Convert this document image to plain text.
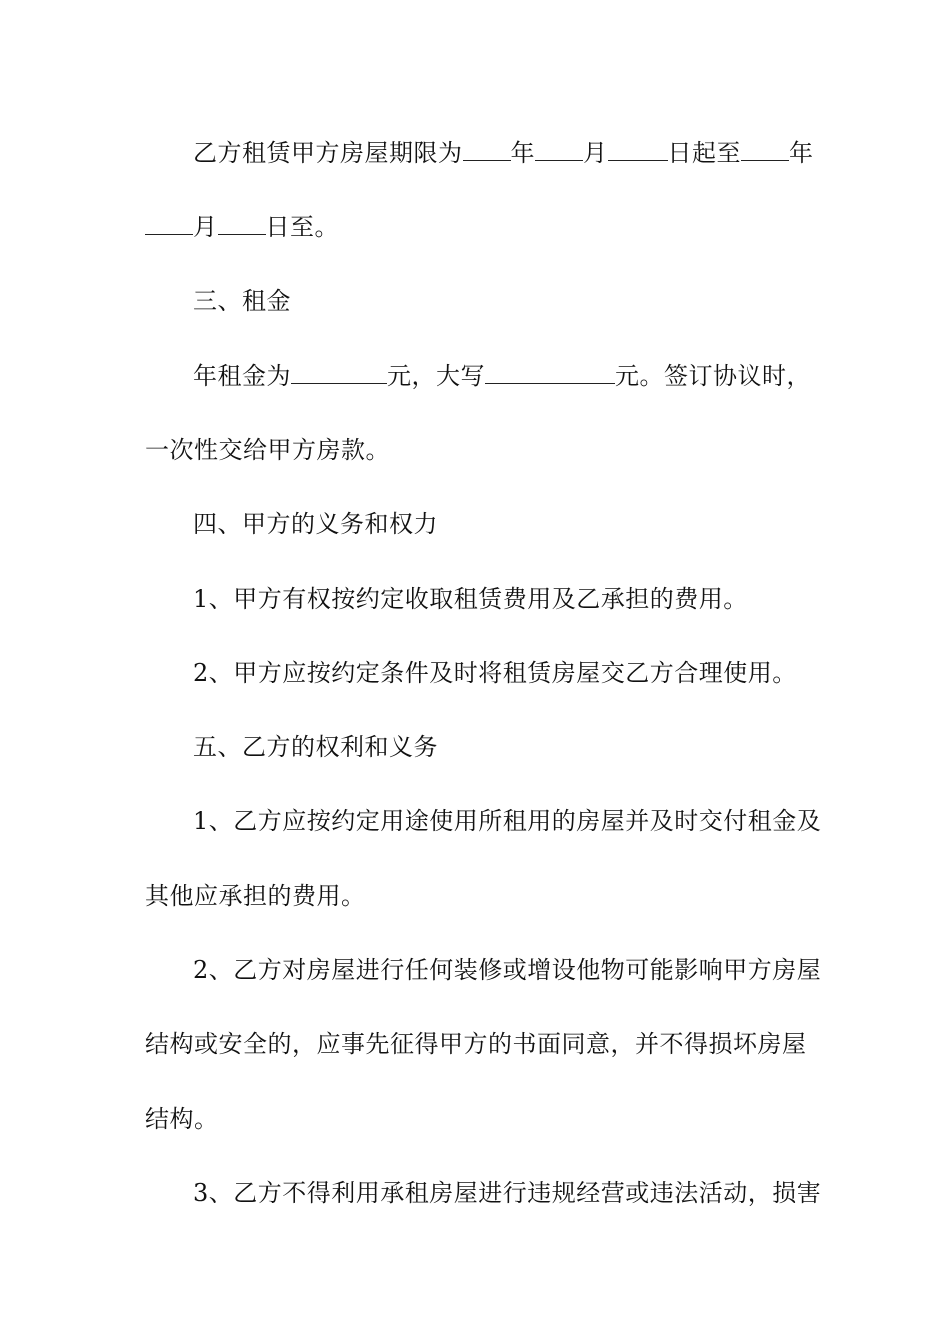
乙方租赁甲方房屋期限为 年 月	日起至 年
月 日至。
三、租金
年租金为	元，大写	元。签订协议时，
一次性交给甲方房款。
四、甲方的义务和权力
1、甲方有权按约定收取租赁费用及乙承担的费用。
2、甲方应按约定条件及时将租赁房屋交乙方合理使用。
五、乙方的权利和义务
1、乙方应按约定用途使用所租用的房屋并及时交付租金及
其他应承担的费用。
2、乙方对房屋进行任何装修或增设他物可能影响甲方房屋
结构或安全的，应事先征得甲方的书面同意，并不得损坏房屋
结构。
3、乙方不得利用承租房屋进行违规经营或违法活动，损害
